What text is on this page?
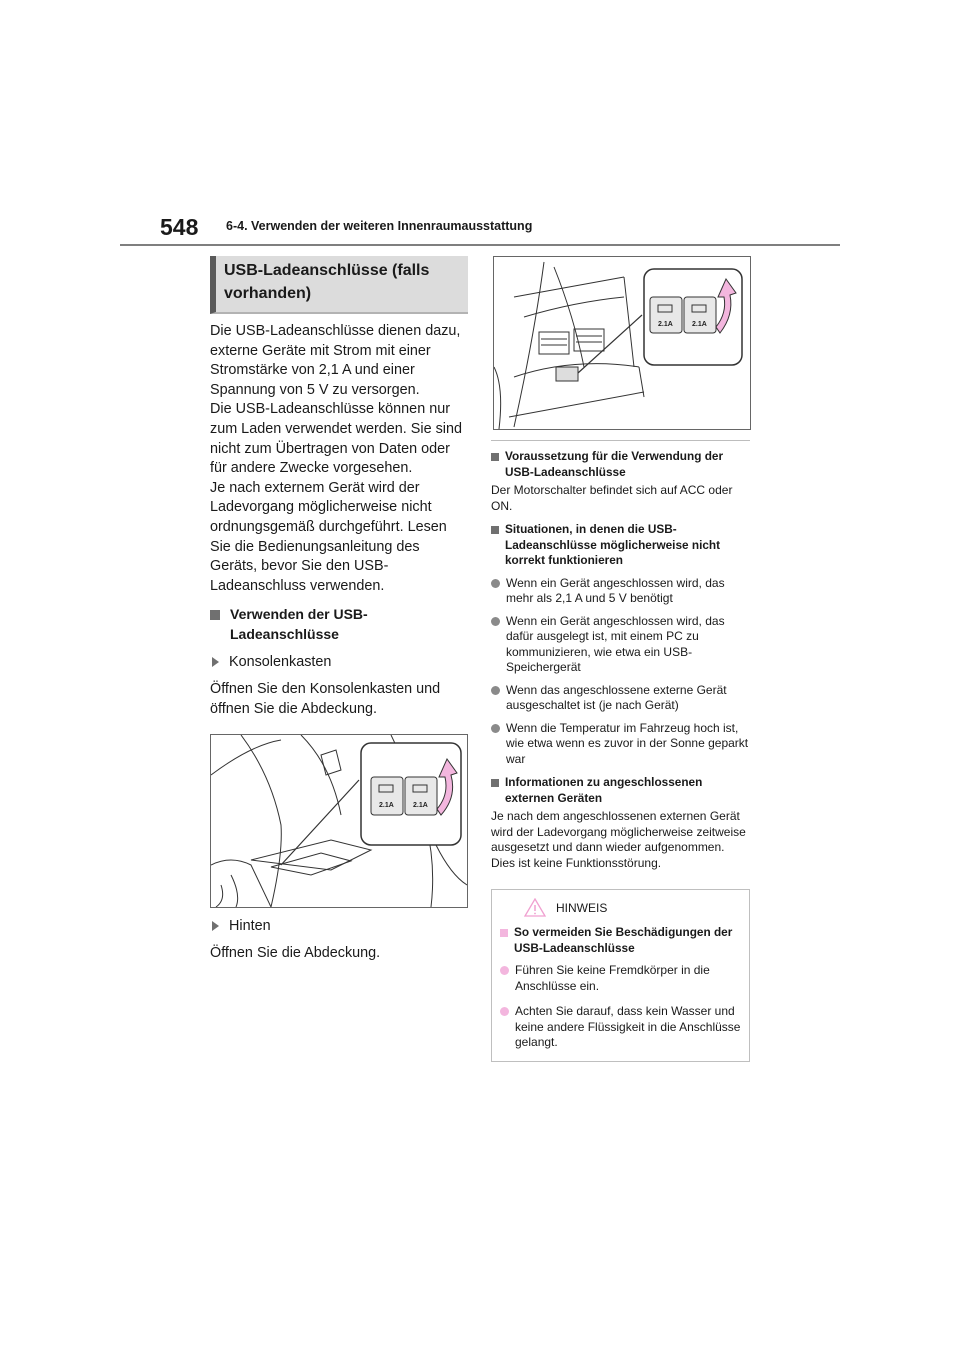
548 6-4. Verwenden der weiteren Innenraumausstattung
USB-Ladeanschlüsse (falls vorhanden)

Die USB-Ladeanschlüsse dienen dazu, externe Geräte mit Strom mit einer Stromstärke von 2,1 A und einer Spannung von 5 V zu versorgen.
Die USB-Ladeanschlüsse können nur zum Laden verwendet werden. Sie sind nicht zum Übertragen von Daten oder für andere Zwecke vorgesehen.
Je nach externem Gerät wird der Ladevorgang möglicherweise nicht ordnungsgemäß durchgeführt. Lesen Sie die Bedienungsanleitung des Geräts, bevor Sie den USB-Ladeanschluss verwenden.

Verwenden der USB-Ladeanschlüsse
Konsolenkasten

Öffnen Sie den Konsolenkasten und öffnen Sie die Abdeckung.

2.1A	2.1A
Hinten

Öffnen Sie die Abdeckung.

2.1A	2.1A
Voraussetzung für die Verwendung der USB-Ladeanschlüsse

Der Motorschalter befindet sich auf ACC oder ON.

Situationen, in denen die USB-Ladeanschlüsse möglicherweise nicht korrekt funktionieren
Wenn ein Gerät angeschlossen wird, das mehr als 2,1 A und 5 V benötigt
Wenn ein Gerät angeschlossen wird, das dafür ausgelegt ist, mit einem PC zu kommunizieren, wie etwa ein USB-Speichergerät
Wenn das angeschlossene externe Gerät ausgeschaltet ist (je nach Gerät)
Wenn die Temperatur im Fahrzeug hoch ist, wie etwa wenn es zuvor in der Sonne geparkt war
Informationen zu angeschlossenen externen Geräten

Je nach dem angeschlossenen externen Gerät wird der Ladevorgang möglicherweise zeitweise ausgesetzt und dann wieder aufgenommen. Dies ist keine Funktionsstörung.

HINWEIS
So vermeiden Sie Beschädigungen der USB-Ladeanschlüsse
Führen Sie keine Fremdkörper in die Anschlüsse ein.
Achten Sie darauf, dass kein Wasser und keine andere Flüssigkeit in die Anschlüsse gelangt.
